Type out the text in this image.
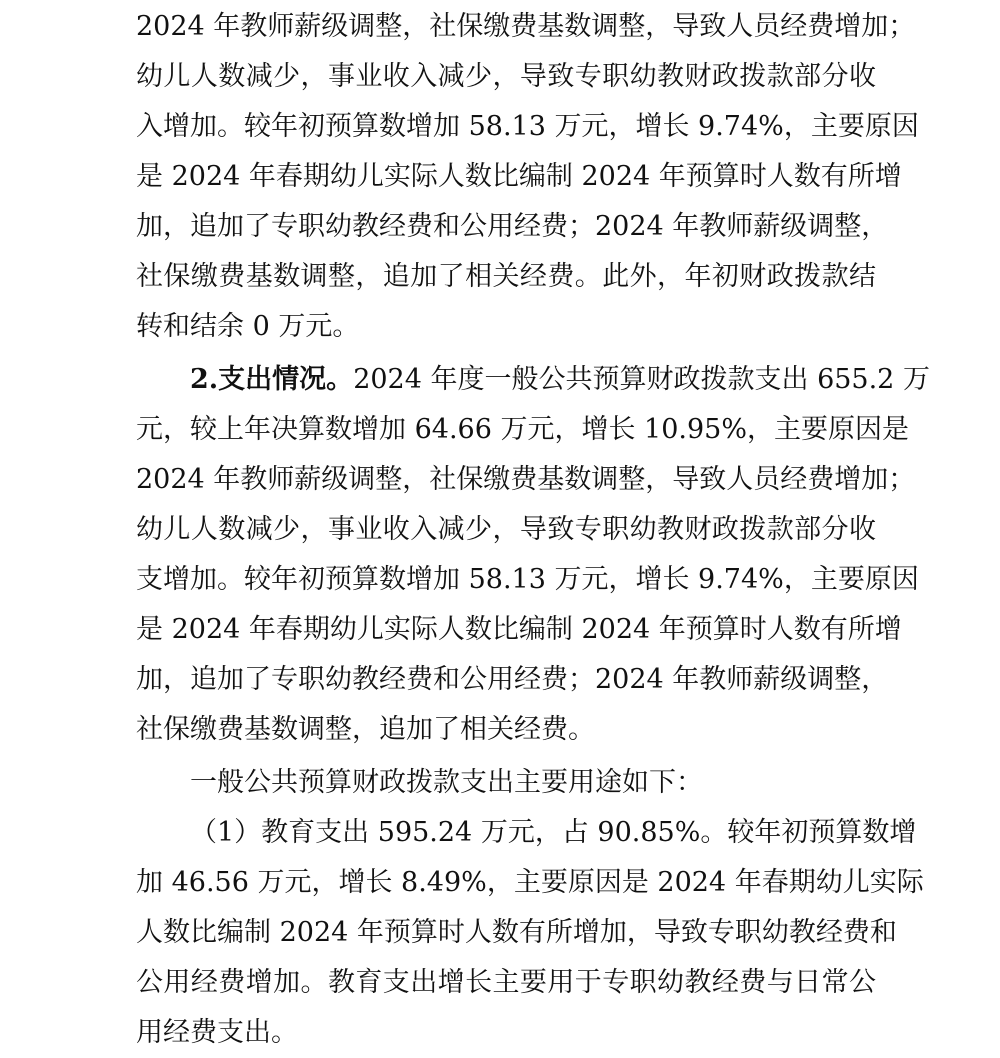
2024 年教师薪级调整，社保缴费基数调整，导致人员经费增加；
幼儿人数减少，事业收入减少，导致专职幼教财政拨款部分收
入增加。较年初预算数增加 58.13 万元，增长 9.74%，主要原因
是 2024 年春期幼儿实际人数比编制 2024 年预算时人数有所增
加，追加了专职幼教经费和公用经费；2024 年教师薪级调整，
社保缴费基数调整，追加了相关经费。此外，年初财政拨款结
转和结余 0 万元。
2.支出情况。2024 年度一般公共预算财政拨款支出 655.2 万
元，较上年决算数增加 64.66 万元，增长 10.95%，主要原因是
2024 年教师薪级调整，社保缴费基数调整，导致人员经费增加；
幼儿人数减少，事业收入减少，导致专职幼教财政拨款部分收
支增加。较年初预算数增加 58.13 万元，增长 9.74%，主要原因
是 2024 年春期幼儿实际人数比编制 2024 年预算时人数有所增
加，追加了专职幼教经费和公用经费；2024 年教师薪级调整，
社保缴费基数调整，追加了相关经费。
一般公共预算财政拨款支出主要用途如下：
（1）教育支出 595.24 万元，占 90.85%。较年初预算数增
加 46.56 万元，增长 8.49%，主要原因是 2024 年春期幼儿实际
人数比编制 2024 年预算时人数有所增加，导致专职幼教经费和
公用经费增加。教育支出增长主要用于专职幼教经费与日常公
用经费支出。
